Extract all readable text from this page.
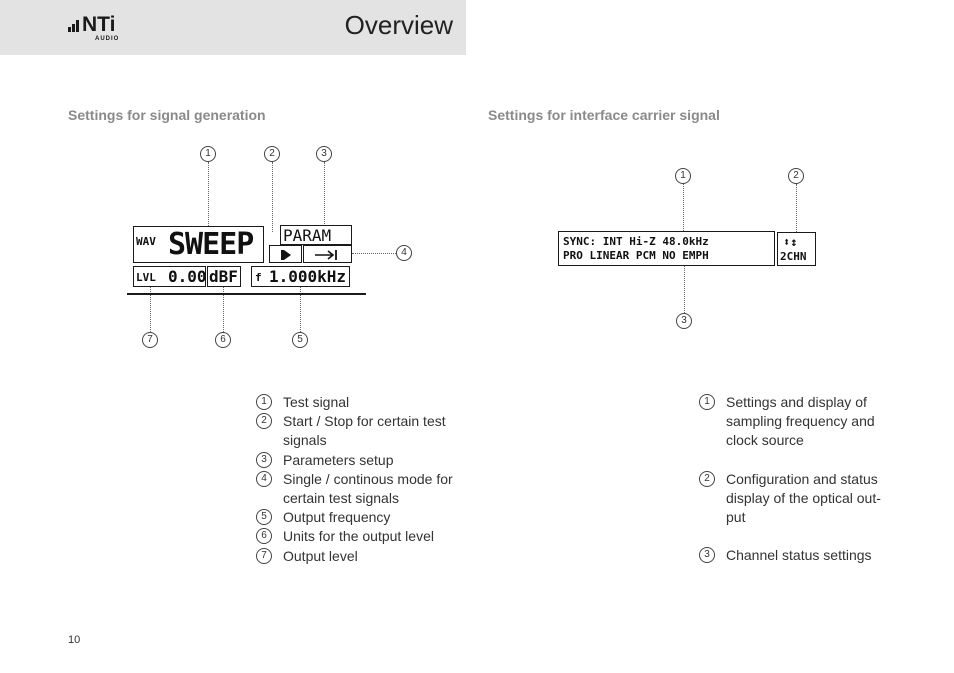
NTi
AUDIO	Overview
Settings for signal generation
1	2	3
4
5
6
7
WAV SWEEP PARAM
LVL 0.00 dBF f 1.000kHz
1	Test signal
2	Start / Stop for certain test signals
3	Parameters setup
4	Single / continous mode for certain test signals
5	Output frequency
6	Units for the output level
7	Output level
Settings for interface carrier signal
1	2
3
SYNC: INT Hi-Z 48.0kHz
PRO LINEAR PCM NO EMPH
⬍↕
2CHN
1	Settings and display of sampling frequency and clock source
2	Configuration and status display of the optical out- put
3	Channel status settings
10
